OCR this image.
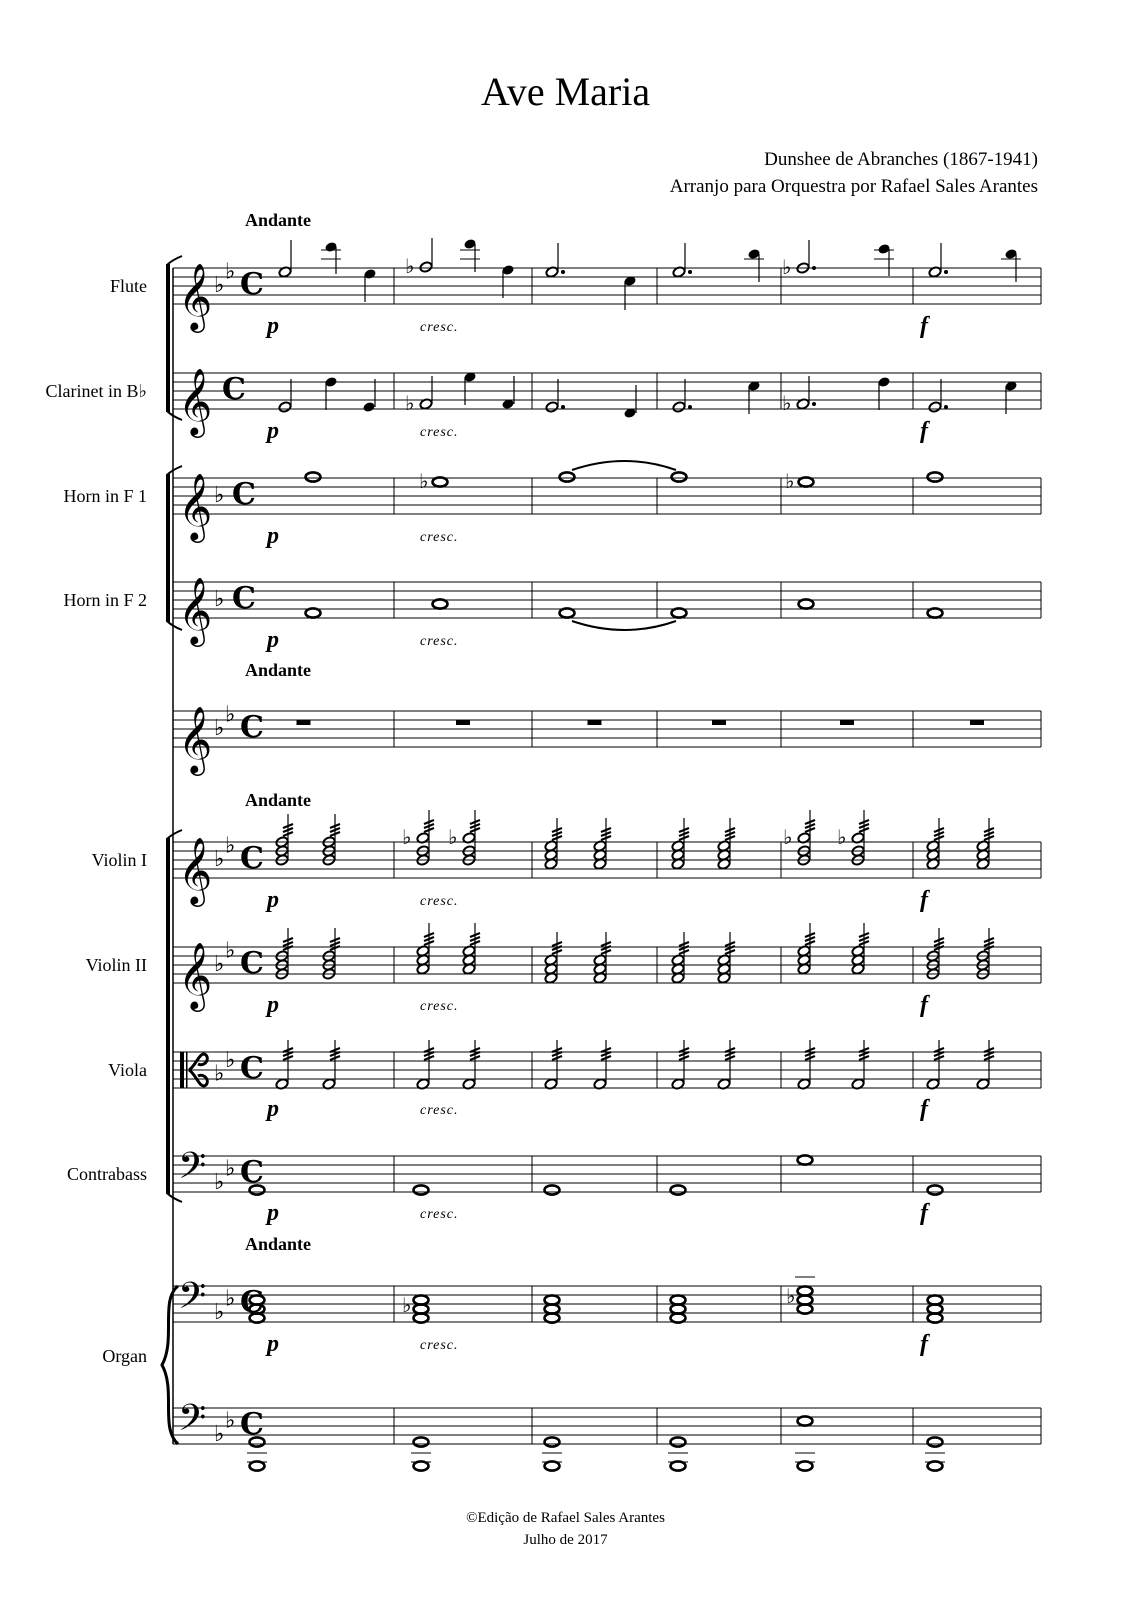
Ave Maria
Dunshee de Abranches (1867-1941)
Arranjo para Orquestra por Rafael Sales Arantes
Flute
Clarinet in B♭
Horn in F 1
Horn in F 2
Violin I
Violin II
Viola
Contrabass
Organ
Andante
Andante
Andante
Andante
𝄞 ♭
♭ C
𝄞 C
𝄞 ♭ C
𝄞 ♭ C
𝄞 ♭
♭ C
𝄞 ♭
♭ C
𝄞 ♭
♭ C
♭
♭ C
𝄢 ♭
♭ C
𝄢 ♭
♭ C
𝄢 ♭
♭ C
♭	♭
♭	♭
♭	♭
♭ ♭	♭ ♭
♭	♭
p	cresc.	f
p	cresc.	f
p	cresc.
p	cresc.
p	cresc.	f
p	cresc.	f
p	cresc.	f
p	cresc.	f
p	cresc.	f
©Edição de Rafael Sales Arantes
Julho de 2017
